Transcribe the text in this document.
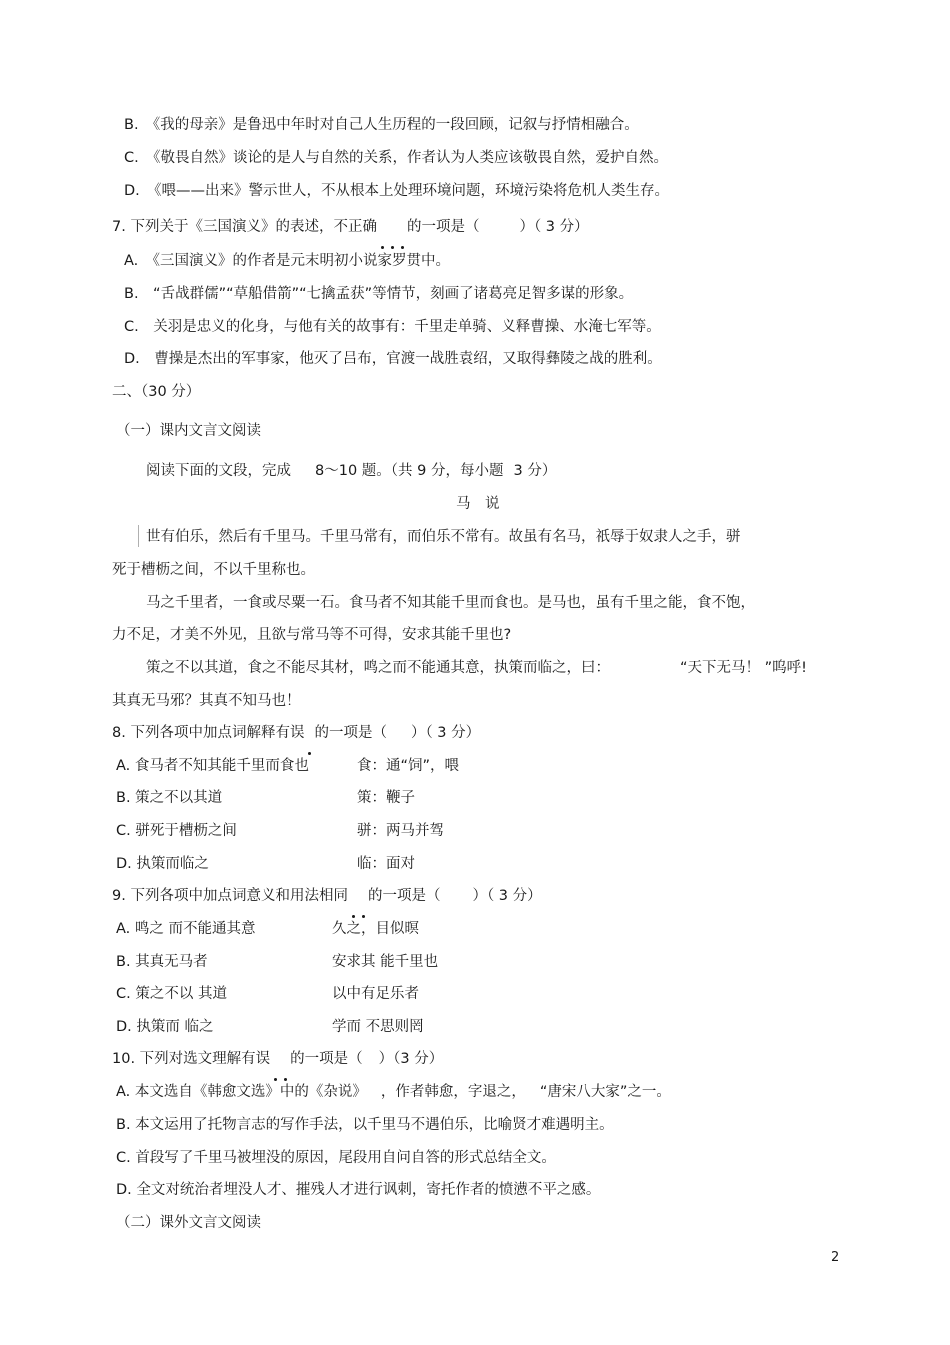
B.　《我的母亲》是鲁迅中年时对自己人生历程的一段回顾，记叙与抒情相融合。
C.　《敬畏自然》谈论的是人与自然的关系，作者认为人类应该敬畏自然，爱护自然。
D.　《喂——出来》警示世人，不从根本上处理环境问题，环境污染将危机人类生存。
7. 下列关于《三国演义》的表述，不正确 的一项是（	）（ 3 分）
A.　《三国演义》的作者是元末明初小说家罗贯中。
B.　“舌战群儒”“草船借箭”“七擒孟获”等情节，刻画了诸葛亮足智多谋的形象。
C.　关羽是忠义的化身，与他有关的故事有：千里走单骑、义释曹操、水淹七军等。
D.　曹操是杰出的军事家，他灭了吕布，官渡一战胜袁绍，又取得彝陵之战的胜利。
二、（30 分）
（一）课内文言文阅读
阅读下面的文段，完成 8～10 题。（共 9 分，每小题 3 分）
马　说
世有伯乐，然后有千里马。千里马常有，而伯乐不常有。故虽有名马，祇辱于奴隶人之手，骈
死于槽枥之间，不以千里称也。
马之千里者，一食或尽粟一石。食马者不知其能千里而食也。是马也，虽有千里之能，食不饱，
力不足，才美不外见，且欲与常马等不可得，安求其能千里也?
策之不以其道，食之不能尽其材，鸣之而不能通其意，执策而临之，曰：	“天下无马！ ”呜呼!
其真无马邪？其真不知马也！
8. 下列各项中加点词解释有误 的一项是（ ）（ 3 分）
A. 食马者不知其能千里而食也	食：通“饲”，喂
B. 策之不以其道	策：鞭子
C. 骈死于槽枥之间	骈：两马并驾
D. 执策而临之	临：面对
9. 下列各项中加点词意义和用法相同 的一项是（ ）（ 3 分）
A. 鸣之 而不能通其意	久之，目似暝
B. 其真无马者	安求其 能千里也
C. 策之不以 其道	以中有足乐者
D. 执策而 临之	学而 不思则罔
10. 下列对选文理解有误 的一项是（ ）（3 分）
A. 本文选自《韩愈文选》中的《杂说》 ，作者韩愈，字退之， “唐宋八大家”之一。
B. 本文运用了托物言志的写作手法，以千里马不遇伯乐，比喻贤才难遇明主。
C. 首段写了千里马被埋没的原因，尾段用自问自答的形式总结全文。
D. 全文对统治者埋没人才、摧残人才进行讽刺，寄托作者的愤懑不平之感。
（二）课外文言文阅读
2
